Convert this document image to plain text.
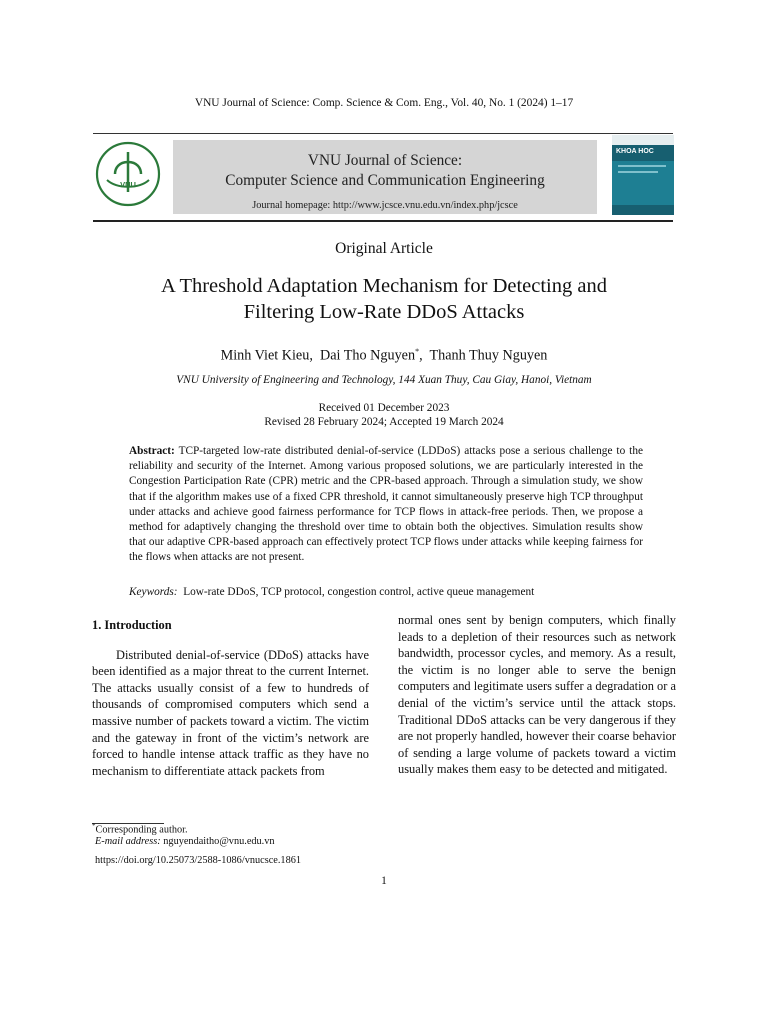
VNU Journal of Science: Comp. Science & Com. Eng., Vol. 40, No. 1 (2024) 1–17
VNU
VNU Journal of Science:
Computer Science and Communication Engineering
Journal homepage: http://www.jcsce.vnu.edu.vn/index.php/jcsce
KHOA HOC
Original Article
A Threshold Adaptation Mechanism for Detecting and
Filtering Low-Rate DDoS Attacks
Minh Viet Kieu, Dai Tho Nguyen*, Thanh Thuy Nguyen
VNU University of Engineering and Technology, 144 Xuan Thuy, Cau Giay, Hanoi, Vietnam
Received 01 December 2023
Revised 28 February 2024; Accepted 19 March 2024
Abstract: TCP-targeted low-rate distributed denial-of-service (LDDoS) attacks pose a serious challenge to the reliability and security of the Internet. Among various proposed solutions, we are particularly interested in the Congestion Participation Rate (CPR) metric and the CPR-based approach. Through a simulation study, we show that if the algorithm makes use of a fixed CPR threshold, it cannot simultaneously preserve high TCP throughput under attacks and achieve good fairness performance for TCP flows in attack-free periods. Then, we propose a method for adaptively changing the threshold over time to obtain both the objectives. Simulation results show that our adaptive CPR-based approach can effectively protect TCP flows under attacks while keeping fairness for the flows when attacks are not present.
Keywords: Low-rate DDoS, TCP protocol, congestion control, active queue management
1. Introduction

Distributed denial-of-service (DDoS) attacks have been identified as a major threat to the current Internet. The attacks usually consist of a few to hundreds of thousands of compromised computers which send a massive number of packets toward a victim. The victim and the gateway in front of the victim’s network are forced to handle intense attack traffic as they have no mechanism to differentiate attack packets from

normal ones sent by benign computers, which finally leads to a depletion of their resources such as network bandwidth, processor cycles, and memory. As a result, the victim is no longer able to serve the benign computers and legitimate users suffer a degradation or a denial of the victim’s service until the attack stops. Traditional DDoS attacks can be very dangerous if they are not properly handled, however their coarse behavior of sending a large volume of packets toward a victim usually makes them easy to be detected and mitigated.

*Corresponding author.
E-mail address: nguyendaitho@vnu.edu.vn
https://doi.org/10.25073/2588-1086/vnucsce.1861
1
